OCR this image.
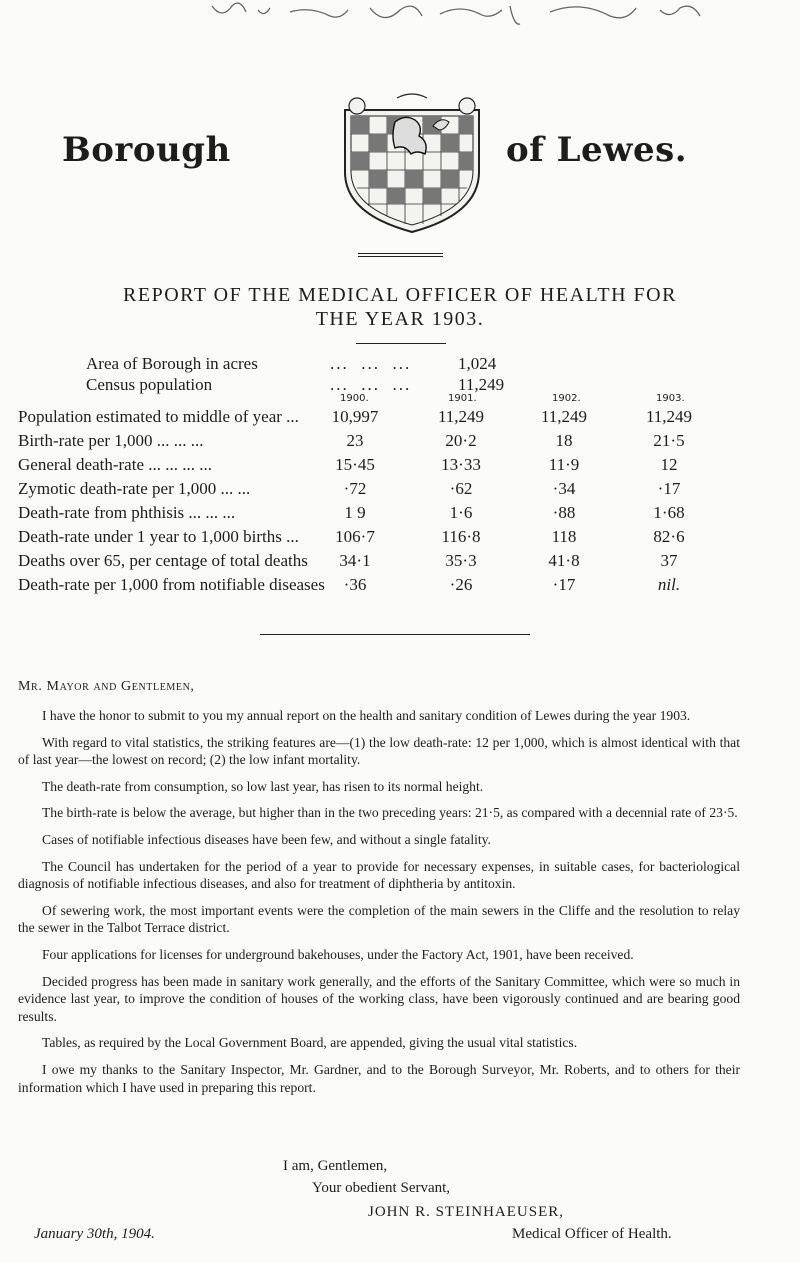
Borough	of Lewes.
REPORT OF THE MEDICAL OFFICER OF HEALTH FOR
THE YEAR 1903.
Area of Borough in acres	...  ...  ...	1,024
Census population	...  ...  ...	11,249
1900.	1901.	1902.	1903.
Population estimated to middle of year ...	10,997	11,249	11,249	11,249
Birth-rate per 1,000 ... ... ...	23	20·2	18	21·5
General death-rate ... ... ... ...	15·45	13·33	11·9	12
Zymotic death-rate per 1,000 ... ...	·72	·62	·34	·17
Death-rate from phthisis ... ... ...	1 9	1·6	·88	1·68
Death-rate under 1 year to 1,000 births ...	106·7	116·8	118	82·6
Deaths over 65, per centage of total deaths	34·1	35·3	41·8	37
Death-rate per 1,000 from notifiable diseases	·36	·26	·17	nil.
Mr. Mayor and Gentlemen,

I have the honor to submit to you my annual report on the health and sanitary condition of Lewes during the year 1903.

With regard to vital statistics, the striking features are—(1) the low death-rate: 12 per 1,000, which is almost identical with that of last year—the lowest on record; (2) the low infant mortality.

The death-rate from consumption, so low last year, has risen to its normal height.

The birth-rate is below the average, but higher than in the two preceding years: 21·5, as compared with a decennial rate of 23·5.

Cases of notifiable infectious diseases have been few, and without a single fatality.

The Council has undertaken for the period of a year to provide for necessary expenses, in suitable cases, for bacteriological diagnosis of notifiable infectious diseases, and also for treatment of diphtheria by antitoxin.

Of sewering work, the most important events were the completion of the main sewers in the Cliffe and the resolution to relay the sewer in the Talbot Terrace district.

Four applications for licenses for underground bakehouses, under the Factory Act, 1901, have been received.

Decided progress has been made in sanitary work generally, and the efforts of the Sanitary Committee, which were so much in evidence last year, to improve the condition of houses of the working class, have been vigorously continued and are bearing good results.

Tables, as required by the Local Government Board, are appended, giving the usual vital statistics.

I owe my thanks to the Sanitary Inspector, Mr. Gardner, and to the Borough Surveyor, Mr. Roberts, and to others for their information which I have used in preparing this report.

I am, Gentlemen,
Your obedient Servant,
JOHN R. STEINHAEUSER,
January 30th, 1904.	Medical Officer of Health.
